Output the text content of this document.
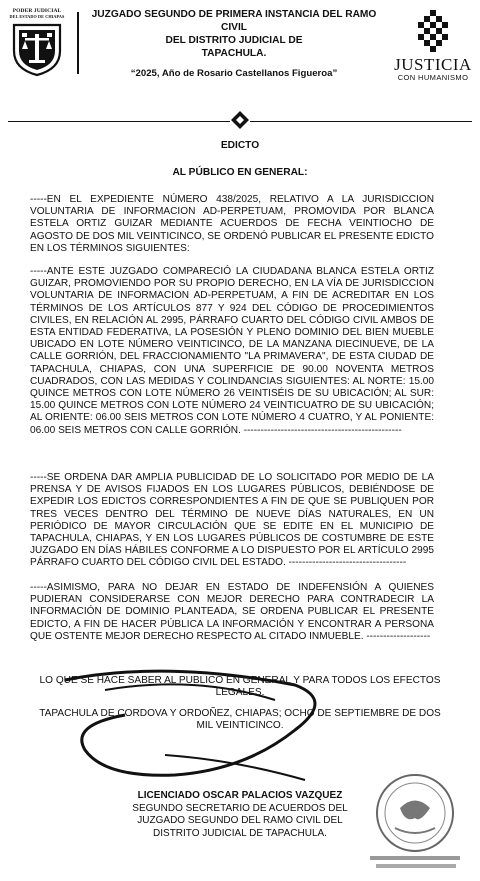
PODER JUDICIAL
DEL ESTADO DE CHIAPAS	JUZGADO SEGUNDO DE PRIMERA INSTANCIA DEL RAMO CIVIL
DEL DISTRITO JUDICIAL DE
TAPACHULA.
“2025, Año de Rosario Castellanos Figueroa”	JUSTICIA
CON HUMANISMO
EDICTO
AL PÚBLICO EN GENERAL:

-----EN EL EXPEDIENTE NÚMERO 438/2025, RELATIVO A LA JURISDICCION VOLUNTARIA DE INFORMACION AD-PERPETUAM, PROMOVIDA POR BLANCA ESTELA ORTIZ GUIZAR MEDIANTE ACUERDOS DE FECHA VEINTIOCHO DE AGOSTO DE DOS MIL VEINTICINCO, SE ORDENÓ PUBLICAR EL PRESENTE EDICTO EN LOS TÉRMINOS SIGUIENTES:

-----ANTE ESTE JUZGADO COMPARECIÓ LA CIUDADANA BLANCA ESTELA ORTIZ GUIZAR, PROMOVIENDO POR SU PROPIO DERECHO, EN LA VÍA DE JURISDICCION VOLUNTARIA DE INFORMACION AD-PERPETUAM, A FIN DE ACREDITAR EN LOS TÉRMINOS DE LOS ARTÍCULOS 877 Y 924 DEL CÓDIGO DE PROCEDIMIENTOS CIVILES, EN RELACIÓN AL 2995, PÁRRAFO CUARTO DEL CÓDIGO CIVIL AMBOS DE ESTA ENTIDAD FEDERATIVA, LA POSESIÓN Y PLENO DOMINIO DEL BIEN MUEBLE UBICADO EN LOTE NÚMERO VEINTICINCO, DE LA MANZANA DIECINUEVE, DE LA CALLE GORRIÓN, DEL FRACCIONAMIENTO "LA PRIMAVERA", DE ESTA CIUDAD DE TAPACHULA, CHIAPAS, CON UNA SUPERFICIE DE 90.00 NOVENTA METROS CUADRADOS, CON LAS MEDIDAS Y COLINDANCIAS SIGUIENTES: AL NORTE: 15.00 QUINCE METROS CON LOTE NÚMERO 26 VEINTISÉIS DE SU UBICACIÓN; AL SUR: 15.00 QUINCE METROS CON LOTE NÚMERO 24 VEINTICUATRO DE SU UBICACIÓN; AL ORIENTE: 06.00 SEIS METROS CON LOTE NÚMERO 4 CUATRO, Y AL PONIENTE: 06.00 SEIS METROS CON CALLE GORRIÓN. -----------------------------------------------

-----SE ORDENA DAR AMPLIA PUBLICIDAD DE LO SOLICITADO POR MEDIO DE LA PRENSA Y DE AVISOS FIJADOS EN LOS LUGARES PÚBLICOS, DEBIÉNDOSE DE EXPEDIR LOS EDICTOS CORRESPONDIENTES A FIN DE QUE SE PUBLIQUEN POR TRES VECES DENTRO DEL TÉRMINO DE NUEVE DÍAS NATURALES, EN UN PERIÓDICO DE MAYOR CIRCULACIÓN QUE SE EDITE EN EL MUNICIPIO DE TAPACHULA, CHIAPAS, Y EN LOS LUGARES PÚBLICOS DE COSTUMBRE DE ESTE JUZGADO EN DÍAS HÁBILES CONFORME A LO DISPUESTO POR EL ARTÍCULO 2995 PÁRRAFO CUARTO DEL CÓDIGO CIVIL DEL ESTADO. -----------------------------------

-----ASIMISMO, PARA NO DEJAR EN ESTADO DE INDEFENSIÓN A QUIENES PUDIERAN CONSIDERARSE CON MEJOR DERECHO PARA CONTRADECIR LA INFORMACIÓN DE DOMINIO PLANTEADA, SE ORDENA PUBLICAR EL PRESENTE EDICTO, A FIN DE HACER PÚBLICA LA INFORMACIÓN Y ENCONTRAR A PERSONA QUE OSTENTE MEJOR DERECHO RESPECTO AL CITADO INMUEBLE. -------------------

LO QUE SE HACE SABER AL PUBLICO EN GENERAL Y PARA TODOS LOS EFECTOS LEGALES.
TAPACHULA DE CORDOVA Y ORDOÑEZ, CHIAPAS; OCHO DE SEPTIEMBRE DE DOS MIL VEINTICINCO.
LICENCIADO OSCAR PALACIOS VAZQUEZ
SEGUNDO SECRETARIO DE ACUERDOS DEL
JUZGADO SEGUNDO DEL RAMO CIVIL DEL
DISTRITO JUDICIAL DE TAPACHULA.
